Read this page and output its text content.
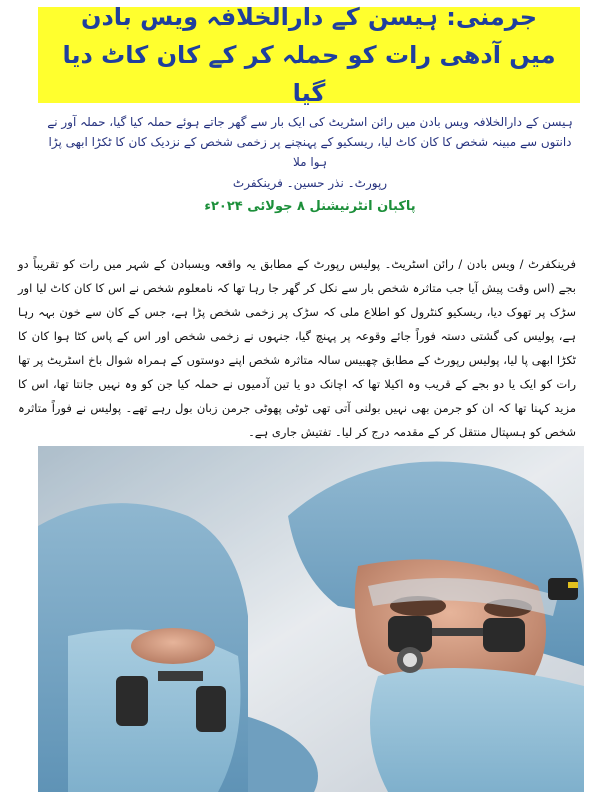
جرمنی: ہیسن کے دارالخلافہ ویس بادن میں آدھی رات کو حملہ کر کے کان کاٹ دیا گیا

ہیسن کے دارالخلافہ ویس بادن میں رائن اسٹریٹ کی ایک بار سے گھر جاتے ہوئے حملہ کیا گیا، حملہ آور نے دانتوں سے مبینہ شخص کا کان کاٹ لیا، ریسکیو کے پہنچنے پر زخمی شخص کے نزدیک کان کا ٹکڑا ابھی پڑا ہوا ملا

رپورٹ۔ نذر حسین۔ فرینکفرٹ

پاکبان انٹرنیشنل ۸ جولائی ۲۰۲۴ء

فرینکفرٹ / ویس بادن / رائن اسٹریٹ۔ پولیس رپورٹ کے مطابق یہ واقعہ ویسبادن کے شہر میں رات کو تقریباً دو بجے (اس وقت پیش آیا جب متاثرہ شخص بار سے نکل کر گھر جا رہا تھا کہ نامعلوم شخص نے اس کا کان کاٹ لیا اور سڑک پر تھوک دیا، ریسکیو کنٹرول کو اطلاع ملی کہ سڑک پر زخمی شخص پڑا ہے، جس کے کان سے خون بہہ رہا ہے، پولیس کی گشتی دستہ فوراً جائے وقوعہ پر پہنچ گیا، جنہوں نے زخمی شخص اور اس کے پاس کٹا ہوا کان کا ٹکڑا ابھی پا لیا، پولیس رپورٹ کے مطابق چھبیس سالہ متاثرہ شخص اپنے دوستوں کے ہمراہ شوال باخ اسٹریٹ پر تھا رات کو ایک یا دو بجے کے قریب وہ اکیلا تھا کہ اچانک دو یا تین آدمیوں نے حملہ کیا جن کو وہ نہیں جانتا تھا، اس کا مزید کہنا تھا کہ ان کو جرمن بھی نہیں بولنی آتی تھی ٹوٹی پھوٹی جرمن زبان بول رہے تھے۔ پولیس نے فوراً متاثرہ شخص کو ہسپتال منتقل کر کے مقدمہ درج کر لیا۔ تفتیش جاری ہے۔
